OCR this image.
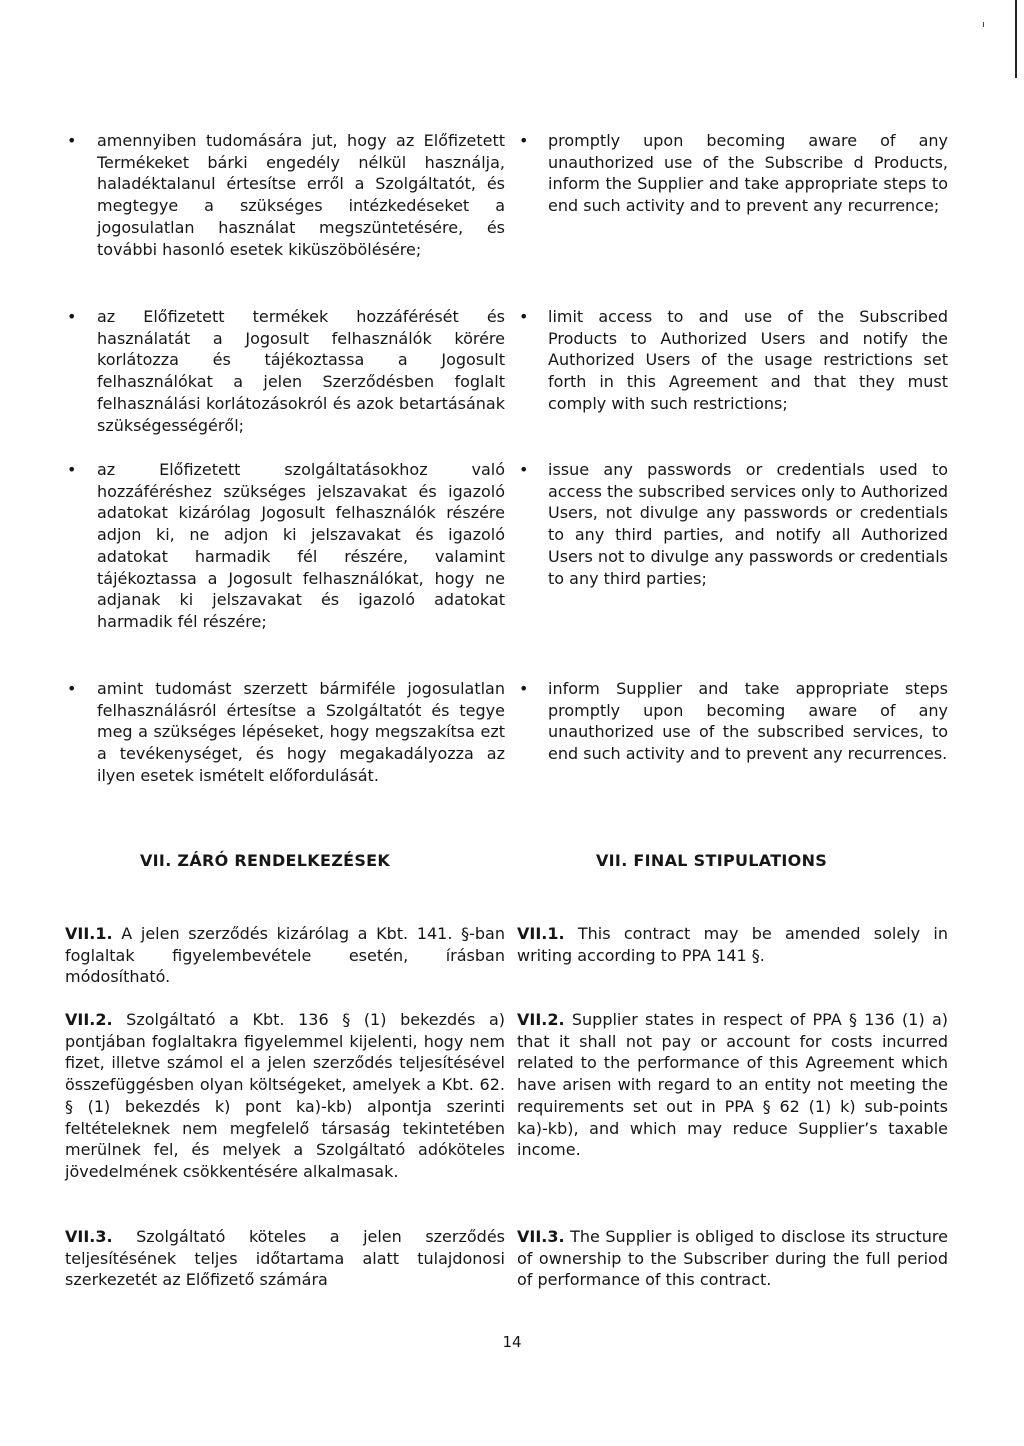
• amennyiben tudomására jut, hogy az Előfizetett Termékeket bárki engedély nélkül használja, haladéktalanul értesítse erről a Szolgáltatót, és megtegye a szükséges intézkedéseket a jogosulatlan használat megszüntetésére, és további hasonló esetek kiküszöbölésére;
• promptly upon becoming aware of any unauthorized use of the Subscribe d Products, inform the Supplier and take appropriate steps to end such activity and to prevent any recurrence;
• az Előfizetett termékek hozzáférését és használatát a Jogosult felhasználók körére korlátozza és tájékoztassa a Jogosult felhasználókat a jelen Szerződésben foglalt felhasználási korlátozásokról és azok betartásának szükségességéről;
• limit access to and use of the Subscribed Products to Authorized Users and notify the Authorized Users of the usage restrictions set forth in this Agreement and that they must comply with such restrictions;
• az Előfizetett szolgáltatásokhoz való hozzáféréshez szükséges jelszavakat és igazoló adatokat kizárólag Jogosult felhasználók részére adjon ki, ne adjon ki jelszavakat és igazoló adatokat harmadik fél részére, valamint tájékoztassa a Jogosult felhasználókat, hogy ne adjanak ki jelszavakat és igazoló adatokat harmadik fél részére;
• issue any passwords or credentials used to access the subscribed services only to Authorized Users, not divulge any passwords or credentials to any third parties, and notify all Authorized Users not to divulge any passwords or credentials to any third parties;
• amint tudomást szerzett bármiféle jogosulatlan felhasználásról értesítse a Szolgáltatót és tegye meg a szükséges lépéseket, hogy megszakítsa ezt a tevékenységet, és hogy megakadályozza az ilyen esetek ismételt előfordulását.
• inform Supplier and take appropriate steps promptly upon becoming aware of any unauthorized use of the subscribed services, to end such activity and to prevent any recurrences.
VII. ZÁRÓ RENDELKEZÉSEK	VII. FINAL STIPULATIONS
VII.1. A jelen szerződés kizárólag a Kbt. 141. §-ban foglaltak figyelembevétele esetén, írásban módosítható.
VII.1. This contract may be amended solely in writing according to PPA 141 §.
VII.2. Szolgáltató a Kbt. 136 § (1) bekezdés a) pontjában foglaltakra figyelemmel kijelenti, hogy nem fizet, illetve számol el a jelen szerződés teljesítésével összefüggésben olyan költségeket, amelyek a Kbt. 62. § (1) bekezdés k) pont ka)-kb) alpontja szerinti feltételeknek nem megfelelő társaság tekintetében merülnek fel, és melyek a Szolgáltató adóköteles jövedelmének csökkentésére alkalmasak.
VII.2. Supplier states in respect of PPA § 136 (1) a) that it shall not pay or account for costs incurred related to the performance of this Agreement which have arisen with regard to an entity not meeting the requirements set out in PPA § 62 (1) k) sub-points ka)-kb), and which may reduce Supplier’s taxable income.
VII.3. Szolgáltató köteles a jelen szerződés teljesítésének teljes időtartama alatt tulajdonosi szerkezetét az Előfizető számára
VII.3. The Supplier is obliged to disclose its structure of ownership to the Subscriber during the full period of performance of this contract.
14
